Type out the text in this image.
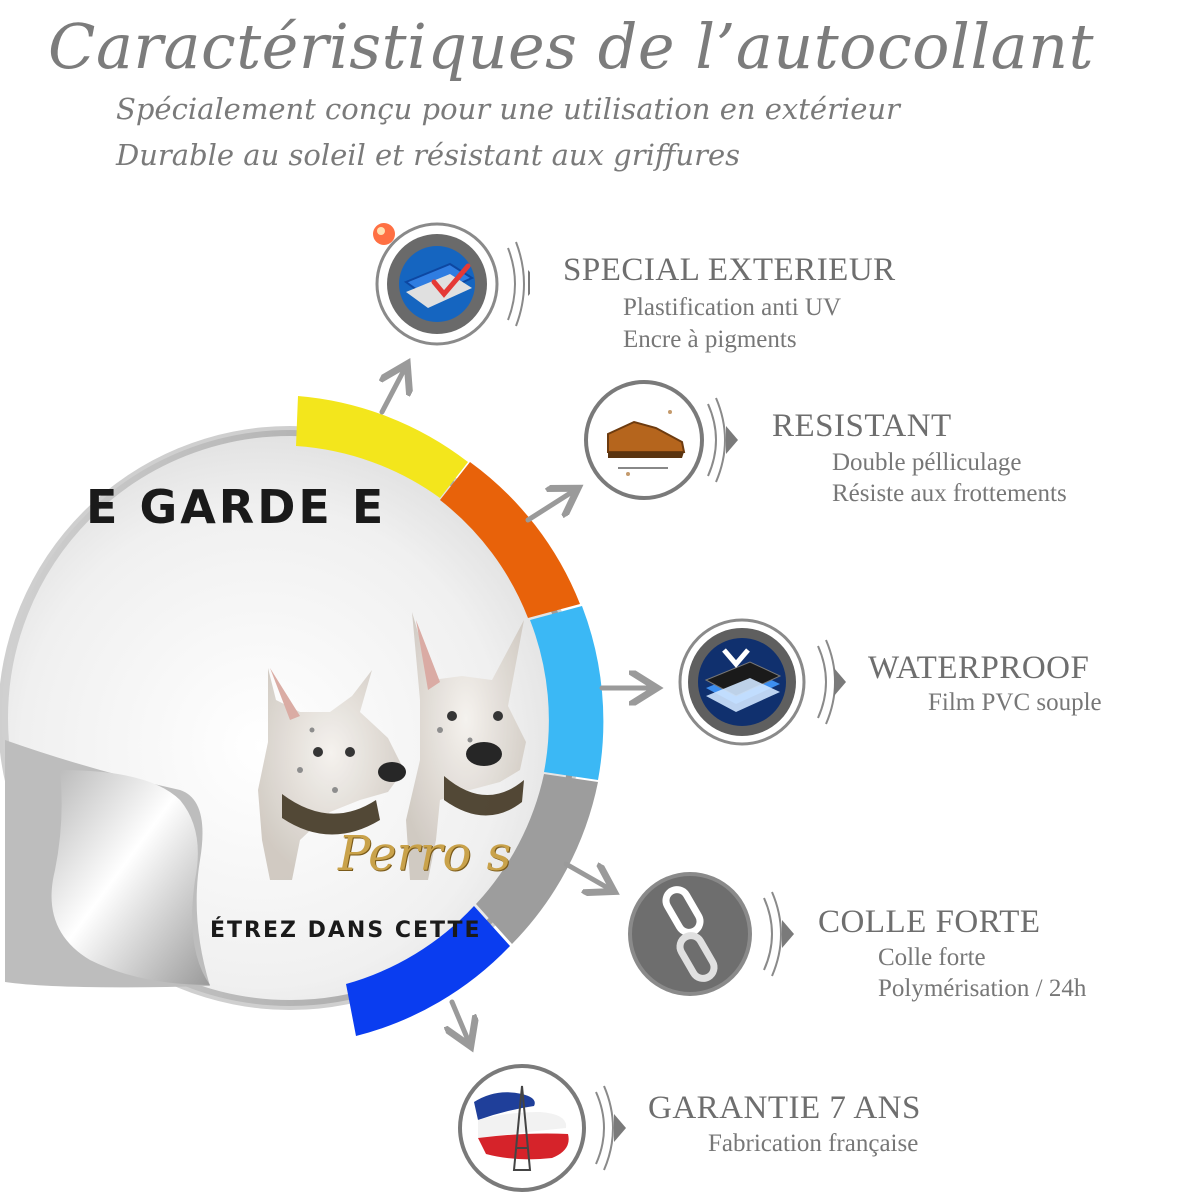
Caractéristiques de l’autocollant
Spécialement conçu pour une utilisation en extérieur
Durable au soleil et résistant aux griffures
E GARDE E
Perro s
ÉTREZ DANS CETTE
SPECIAL EXTERIEUR
Plastification anti UV
Encre à pigments
RESISTANT
Double pélliculage
Résiste aux frottements
WATERPROOF
Film PVC souple
COLLE FORTE
Colle forte
Polymérisation / 24h
GARANTIE 7 ANS
Fabrication française
